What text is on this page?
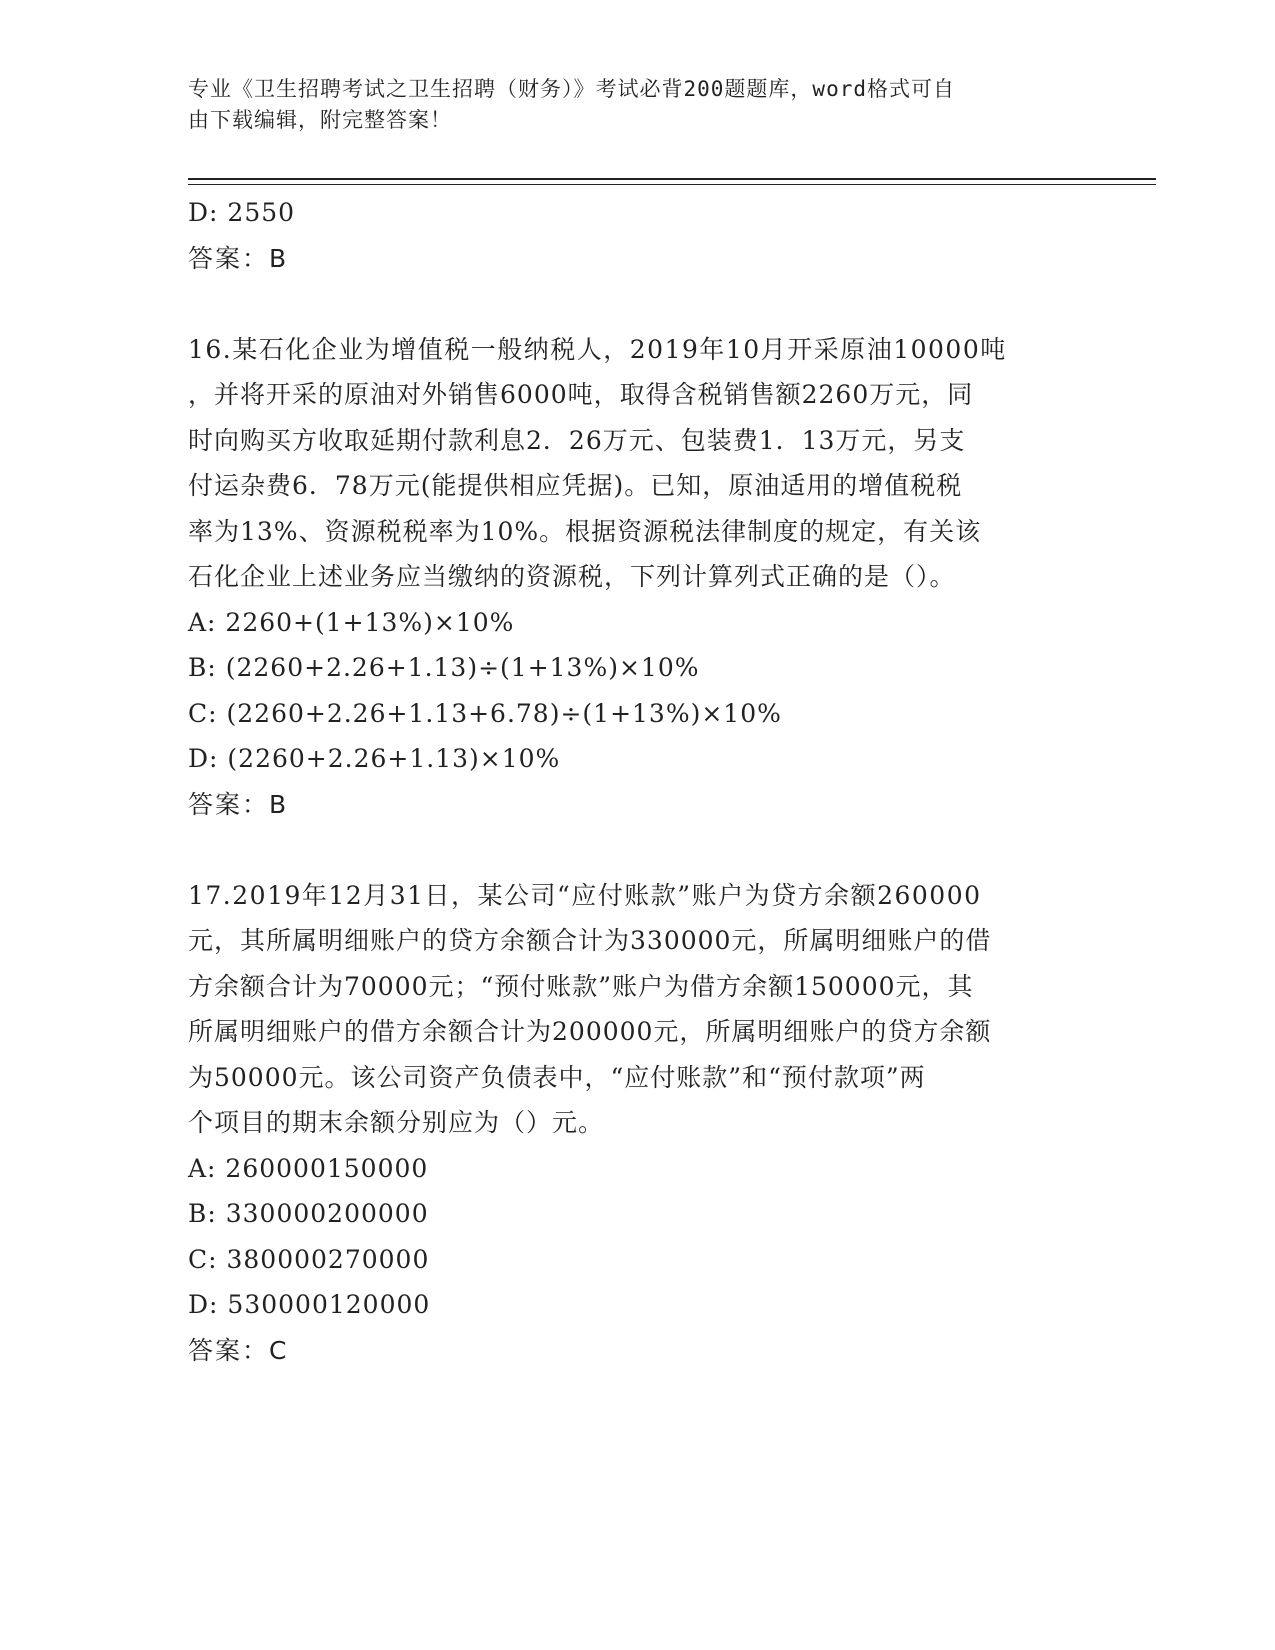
专业《卫生招聘考试之卫生招聘（财务）》考试必背200题题库，word格式可自
由下载编辑，附完整答案！
D: 2550
答案：B
16.某石化企业为增值税一般纳税人，2019年10月开采原油10000吨
，并将开采的原油对外销售6000吨，取得含税销售额2260万元，同
时向购买方收取延期付款利息2．26万元、包装费1．13万元，另支
付运杂费6．78万元(能提供相应凭据)。已知，原油适用的增值税税
率为13%、资源税税率为10%。根据资源税法律制度的规定，有关该
石化企业上述业务应当缴纳的资源税，下列计算列式正确的是（）。
A: 2260+(1+13%)×10%
B: (2260+2.26+1.13)÷(1+13%)×10%
C: (2260+2.26+1.13+6.78)÷(1+13%)×10%
D: (2260+2.26+1.13)×10%
答案：B
17.2019年12月31日，某公司“应付账款”账户为贷方余额260000
元，其所属明细账户的贷方余额合计为330000元，所属明细账户的借
方余额合计为70000元；“预付账款”账户为借方余额150000元，其
所属明细账户的借方余额合计为200000元，所属明细账户的贷方余额
为50000元。该公司资产负债表中，“应付账款”和“预付款项”两
个项目的期末余额分别应为（）元。
A: 260000150000
B: 330000200000
C: 380000270000
D: 530000120000
答案：C
